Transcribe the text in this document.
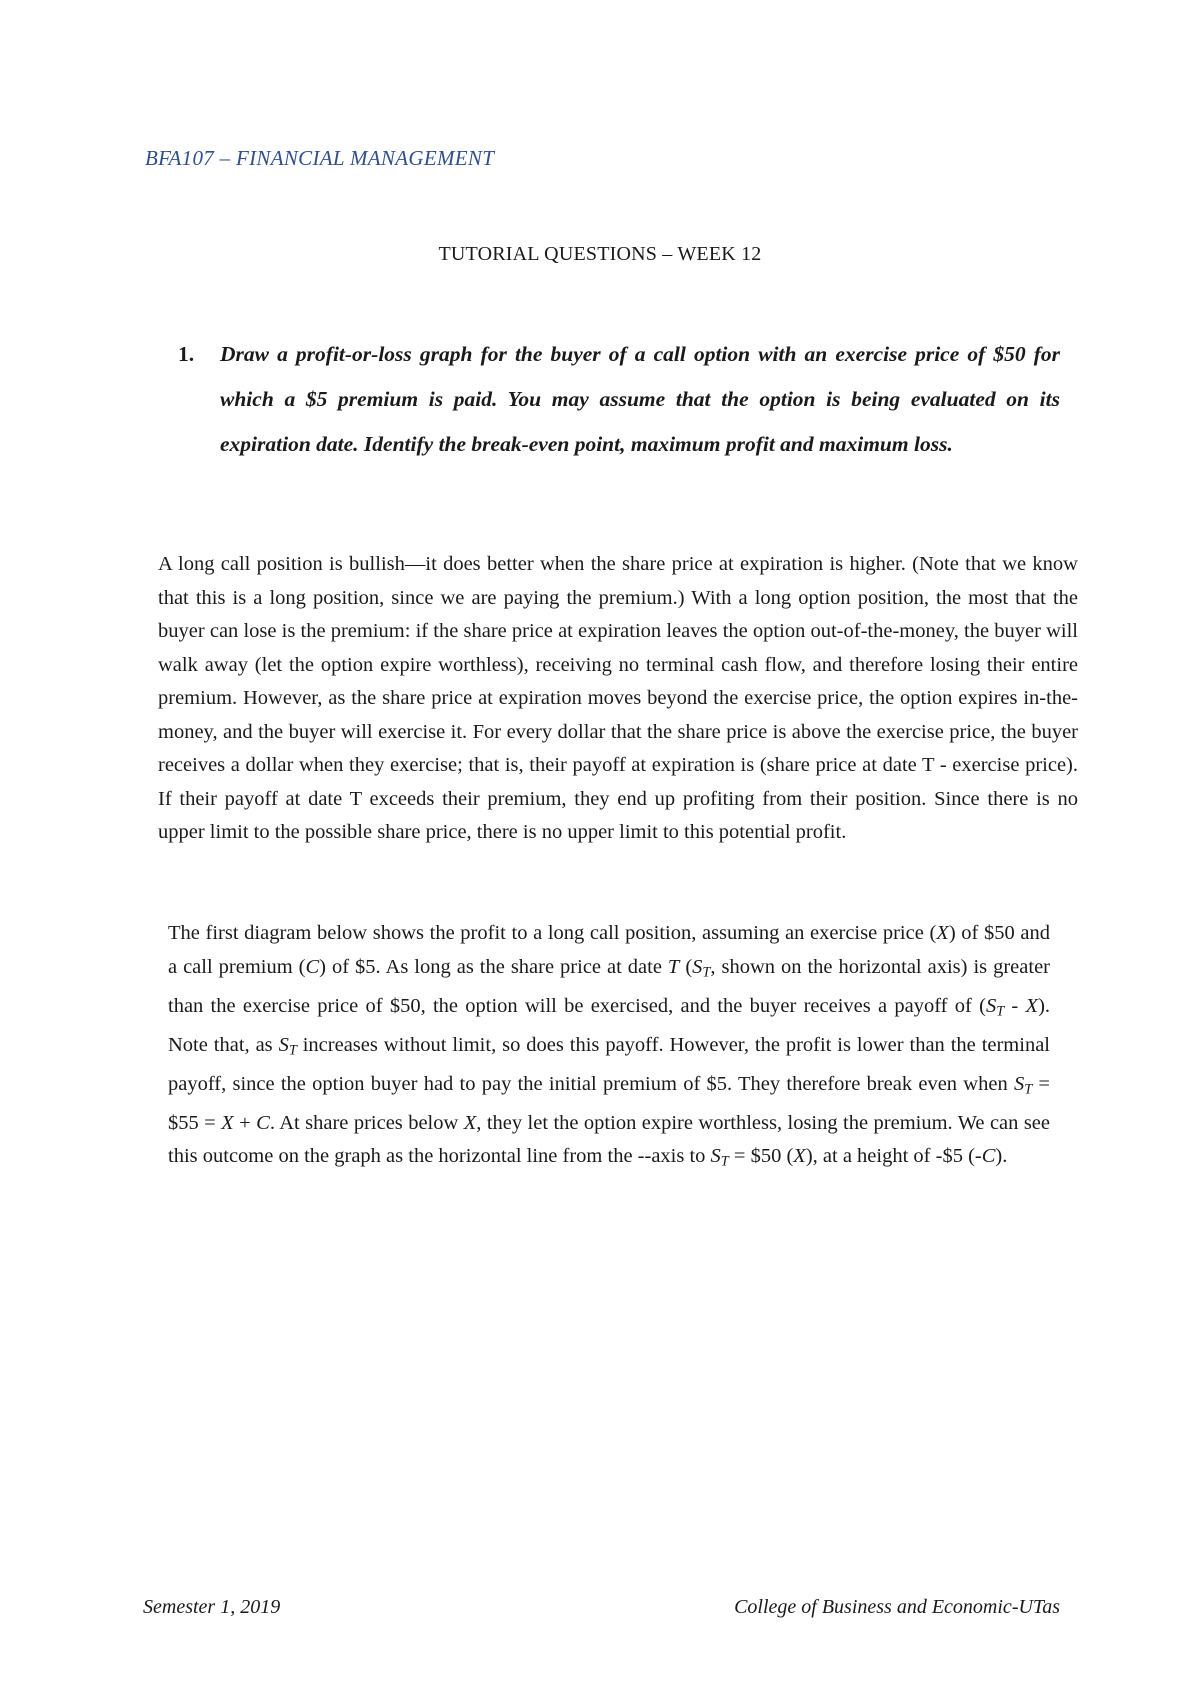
BFA107 – FINANCIAL MANAGEMENT
TUTORIAL QUESTIONS – WEEK 12
1.	Draw a profit-or-loss graph for the buyer of a call option with an exercise price of $50 for which a $5 premium is paid. You may assume that the option is being evaluated on its expiration date. Identify the break-even point, maximum profit and maximum loss.

A long call position is bullish—it does better when the share price at expiration is higher. (Note that we know that this is a long position, since we are paying the premium.) With a long option position, the most that the buyer can lose is the premium: if the share price at expiration leaves the option out-of-the-money, the buyer will walk away (let the option expire worthless), receiving no terminal cash flow, and therefore losing their entire premium. However, as the share price at expiration moves beyond the exercise price, the option expires in-the-money, and the buyer will exercise it. For every dollar that the share price is above the exercise price, the buyer receives a dollar when they exercise; that is, their payoff at expiration is (share price at date T - exercise price). If their payoff at date T exceeds their premium, they end up profiting from their position. Since there is no upper limit to the possible share price, there is no upper limit to this potential profit.

The first diagram below shows the profit to a long call position, assuming an exercise price (X) of $50 and a call premium (C) of $5. As long as the share price at date T ($S_T$, shown on the horizontal axis) is greater than the exercise price of $50, the option will be exercised, and the buyer receives a payoff of $(S_T - X)$. Note that, as $S_T$ increases without limit, so does this payoff. However, the profit is lower than the terminal payoff, since the option buyer had to pay the initial premium of $5. They therefore break even when $S_T$ = $55 = X + C. At share prices below X, they let the option expire worthless, losing the premium. We can see this outcome on the graph as the horizontal line from the --axis to $S_T$ = $50 (X), at a height of -$5 (-C).

Semester 1, 2019	College of Business and Economic-UTas
